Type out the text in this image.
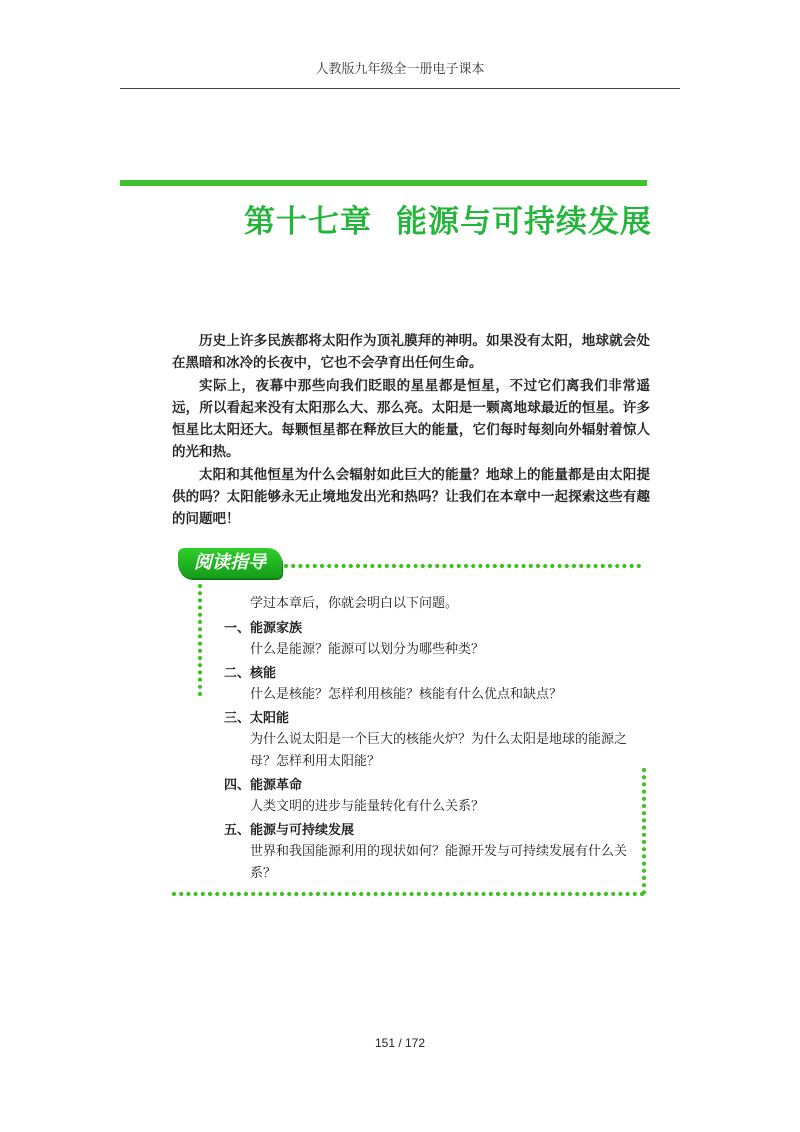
人教版九年级全一册电子课本
第十七章 能源与可持续发展

历史上许多民族都将太阳作为顶礼膜拜的神明。如果没有太阳，地球就会处在黑暗和冰冷的长夜中，它也不会孕育出任何生命。

实际上，夜幕中那些向我们眨眼的星星都是恒星，不过它们离我们非常遥远，所以看起来没有太阳那么大、那么亮。太阳是一颗离地球最近的恒星。许多恒星比太阳还大。每颗恒星都在释放巨大的能量，它们每时每刻向外辐射着惊人的光和热。

太阳和其他恒星为什么会辐射如此巨大的能量？地球上的能量都是由太阳提供的吗？太阳能够永无止境地发出光和热吗？让我们在本章中一起探索这些有趣的问题吧！

阅读指导
学过本章后，你就会明白以下问题。
一、能源家族
什么是能源？能源可以划分为哪些种类？
二、核能
什么是核能？怎样利用核能？核能有什么优点和缺点？
三、太阳能
为什么说太阳是一个巨大的核能火炉？为什么太阳是地球的能源之母？怎样利用太阳能？
四、能源革命
人类文明的进步与能量转化有什么关系？
五、能源与可持续发展
世界和我国能源利用的现状如何？能源开发与可持续发展有什么关系？
151 / 172
